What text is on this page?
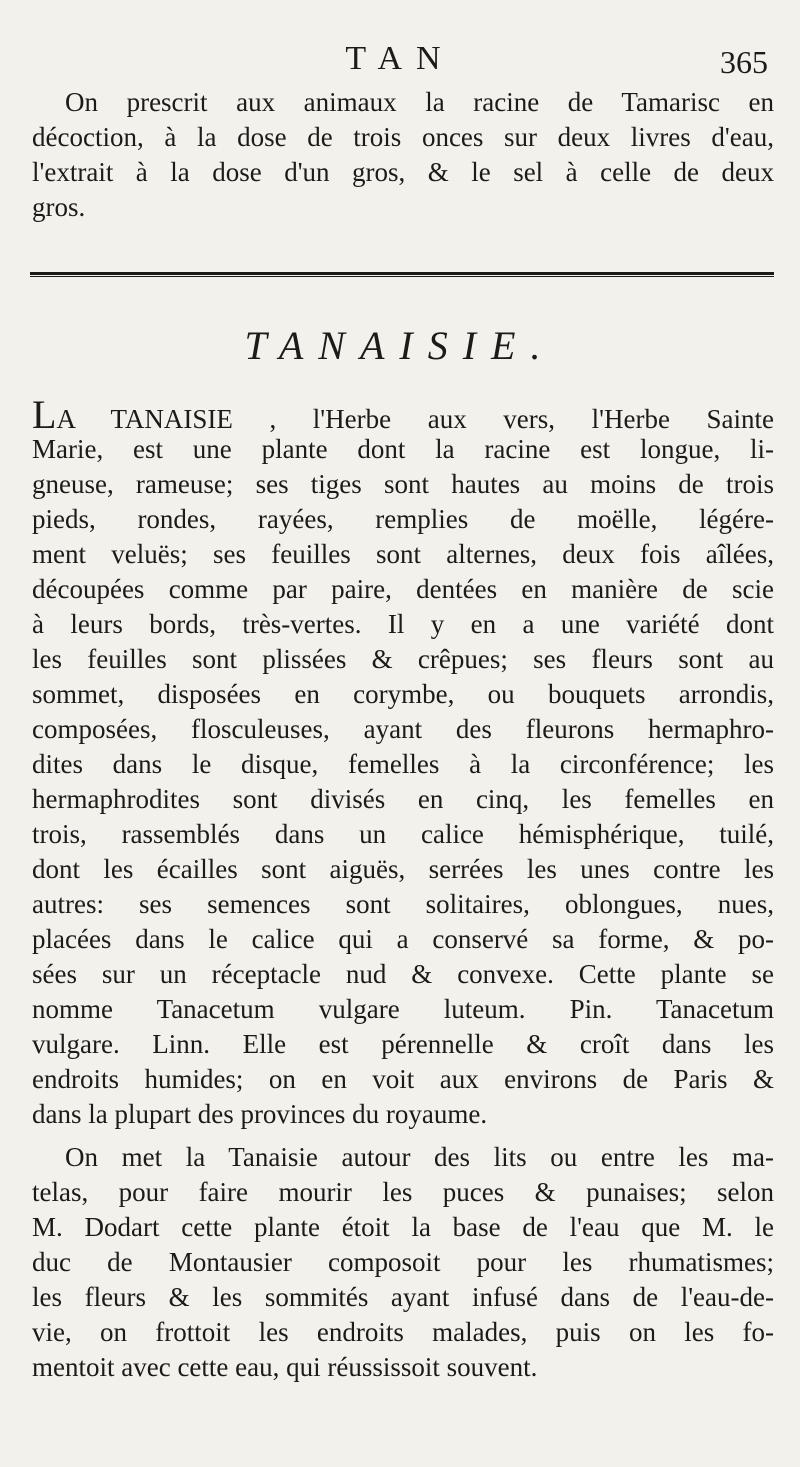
TAN	365
On prescrit aux animaux la racine de Tamarisc en
décoction, à la dose de trois onces sur deux livres d'eau,
l'extrait à la dose d'un gros, & le sel à celle de deux
gros.
TANAISIE.
LA TANAISIE , l'Herbe aux vers, l'Herbe Sainte
Marie, est une plante dont la racine est longue, li-
gneuse, rameuse; ses tiges sont hautes au moins de trois
pieds, rondes, rayées, remplies de moëlle, légére-
ment veluës; ses feuilles sont alternes, deux fois aîlées,
découpées comme par paire, dentées en manière de scie
à leurs bords, très-vertes. Il y en a une variété dont
les feuilles sont plissées & crêpues; ses fleurs sont au
sommet, disposées en corymbe, ou bouquets arrondis,
composées, flosculeuses, ayant des fleurons hermaphro-
dites dans le disque, femelles à la circonférence; les
hermaphrodites sont divisés en cinq, les femelles en
trois, rassemblés dans un calice hémisphérique, tuilé,
dont les écailles sont aiguës, serrées les unes contre les
autres: ses semences sont solitaires, oblongues, nues,
placées dans le calice qui a conservé sa forme, & po-
sées sur un réceptacle nud & convexe. Cette plante se
nomme Tanacetum vulgare luteum. Pin. Tanacetum
vulgare. Linn. Elle est pérennelle & croît dans les
endroits humides; on en voit aux environs de Paris &
dans la plupart des provinces du royaume.
On met la Tanaisie autour des lits ou entre les ma-
telas, pour faire mourir les puces & punaises; selon
M. Dodart cette plante étoit la base de l'eau que M. le
duc de Montausier composoit pour les rhumatismes;
les fleurs & les sommités ayant infusé dans de l'eau-de-
vie, on frottoit les endroits malades, puis on les fo-
mentoit avec cette eau, qui réussissoit souvent.
